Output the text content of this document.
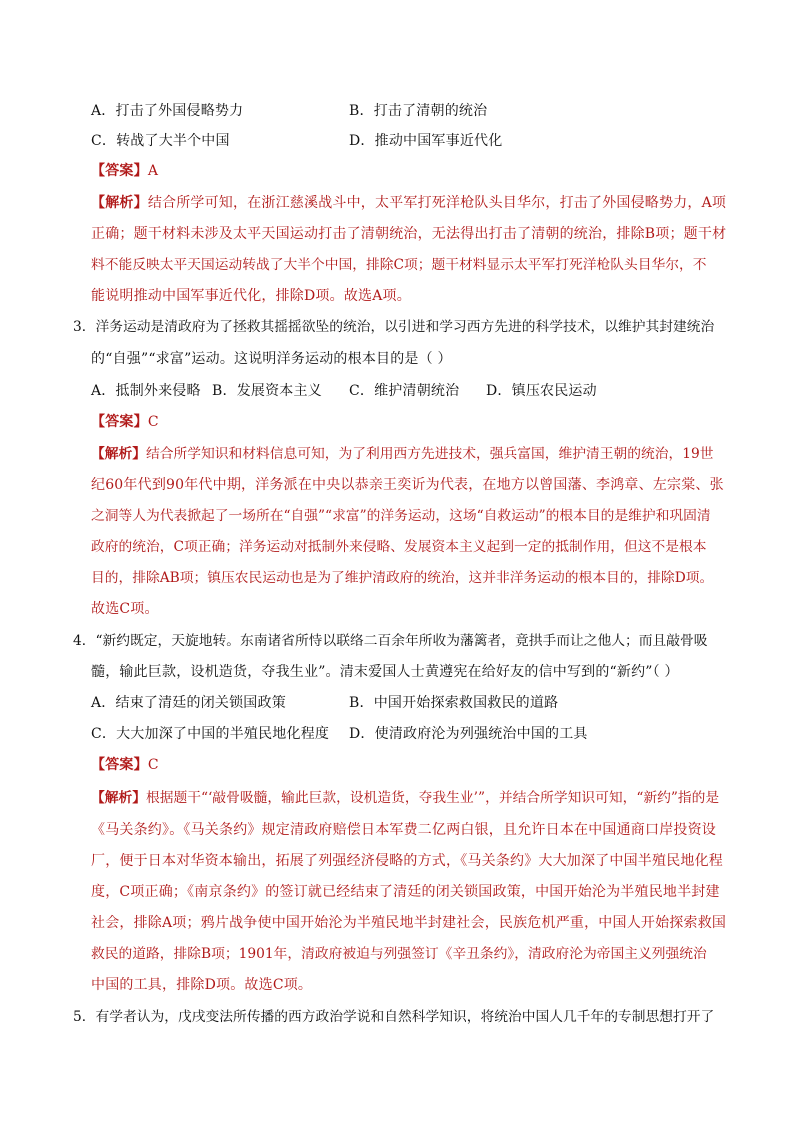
A．打击了外国侵略势力	B．打击了清朝的统治
C．转战了大半个中国	D．推动中国军事近代化
【答案】A
【解析】结合所学可知，在浙江慈溪战斗中，太平军打死洋枪队头目华尔，打击了外国侵略势力，A项
正确；题干材料未涉及太平天国运动打击了清朝统治，无法得出打击了清朝的统治，排除B项；题干材
料不能反映太平天国运动转战了大半个中国，排除C项；题干材料显示太平军打死洋枪队头目华尔，不
能说明推动中国军事近代化，排除D项。故选A项。
3．洋务运动是清政府为了拯救其摇摇欲坠的统治，以引进和学习西方先进的科学技术，以维护其封建统治
的“自强”“求富”运动。这说明洋务运动的根本目的是（ ）
A．抵制外来侵略 B．发展资本主义 C．维护清朝统治 D．镇压农民运动
【答案】C
【解析】结合所学知识和材料信息可知，为了利用西方先进技术，强兵富国，维护清王朝的统治，19世
纪60年代到90年代中期，洋务派在中央以恭亲王奕䜣为代表，在地方以曾国藩、李鸿章、左宗棠、张
之洞等人为代表掀起了一场所在“自强”“求富”的洋务运动，这场“自救运动”的根本目的是维护和巩固清
政府的统治，C项正确；洋务运动对抵制外来侵略、发展资本主义起到一定的抵制作用，但这不是根本
目的，排除AB项；镇压农民运动也是为了维护清政府的统治，这并非洋务运动的根本目的，排除D项。
故选C项。
4．“新约既定，天旋地转。东南诸省所恃以联络二百余年所收为藩篱者，竟拱手而让之他人；而且敲骨吸
髓，输此巨款，设机造货，夺我生业”。清末爱国人士黄遵宪在给好友的信中写到的“新约”（ ）
A．结束了清廷的闭关锁国政策	B．中国开始探索救国救民的道路
C．大大加深了中国的半殖民地化程度 D．使清政府沦为列强统治中国的工具
【答案】C
【解析】根据题干“‘敲骨吸髓，输此巨款，设机造货，夺我生业’”，并结合所学知识可知，“新约”指的是
《马关条约》。《马关条约》规定清政府赔偿日本军费二亿两白银，且允许日本在中国通商口岸投资设
厂，便于日本对华资本输出，拓展了列强经济侵略的方式，《马关条约》大大加深了中国半殖民地化程
度，C项正确；《南京条约》的签订就已经结束了清廷的闭关锁国政策，中国开始沦为半殖民地半封建
社会，排除A项；鸦片战争使中国开始沦为半殖民地半封建社会，民族危机严重，中国人开始探索救国
救民的道路，排除B项；1901年，清政府被迫与列强签订《辛丑条约》，清政府沦为帝国主义列强统治
中国的工具，排除D项。故选C项。
5．有学者认为，戊戌变法所传播的西方政治学说和自然科学知识，将统治中国人几千年的专制思想打开了
